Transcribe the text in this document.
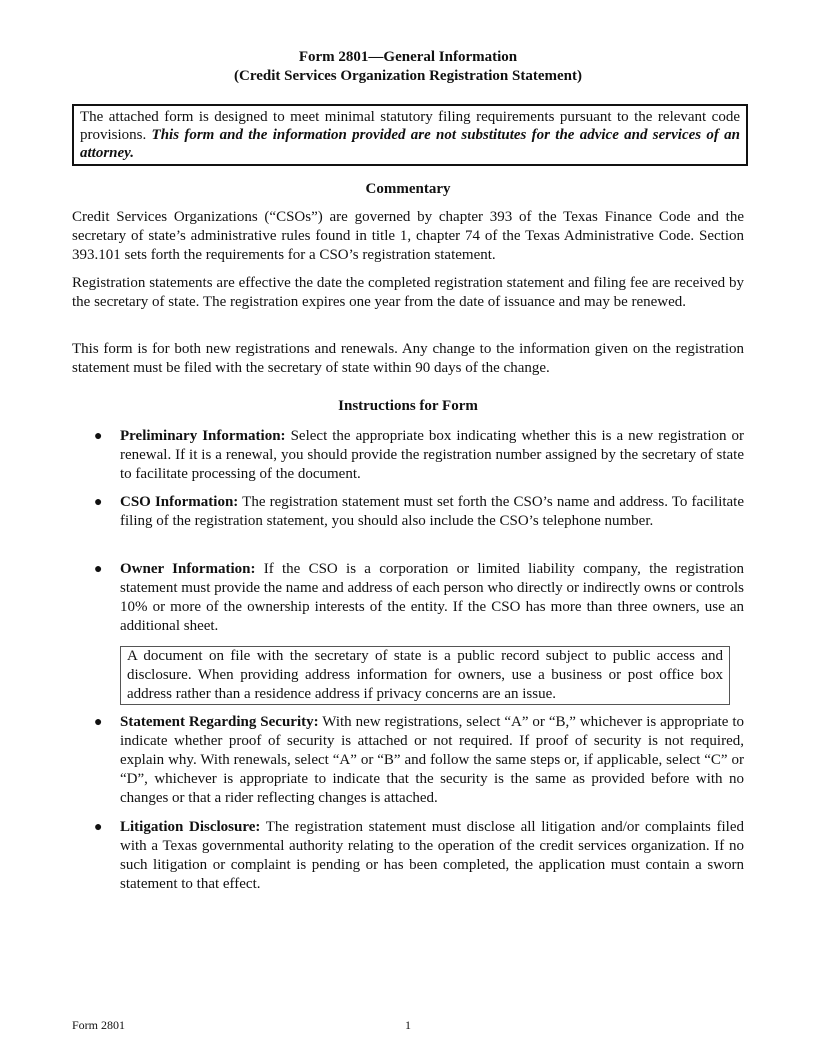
Form 2801—General Information
(Credit Services Organization Registration Statement)
The attached form is designed to meet minimal statutory filing requirements pursuant to the relevant code provisions. This form and the information provided are not substitutes for the advice and services of an attorney.
Commentary
Credit Services Organizations (“CSOs”) are governed by chapter 393 of the Texas Finance Code and the secretary of state’s administrative rules found in title 1, chapter 74 of the Texas Administrative Code. Section 393.101 sets forth the requirements for a CSO’s registration statement.
Registration statements are effective the date the completed registration statement and filing fee are received by the secretary of state. The registration expires one year from the date of issuance and may be renewed.
This form is for both new registrations and renewals. Any change to the information given on the registration statement must be filed with the secretary of state within 90 days of the change.
Instructions for Form
● Preliminary Information: Select the appropriate box indicating whether this is a new registration or renewal. If it is a renewal, you should provide the registration number assigned by the secretary of state to facilitate processing of the document.
● CSO Information: The registration statement must set forth the CSO’s name and address. To facilitate filing of the registration statement, you should also include the CSO’s telephone number.
● Owner Information: If the CSO is a corporation or limited liability company, the registration statement must provide the name and address of each person who directly or indirectly owns or controls 10% or more of the ownership interests of the entity. If the CSO has more than three owners, use an additional sheet.
A document on file with the secretary of state is a public record subject to public access and disclosure. When providing address information for owners, use a business or post office box address rather than a residence address if privacy concerns are an issue.
● Statement Regarding Security: With new registrations, select “A” or “B,” whichever is appropriate to indicate whether proof of security is attached or not required. If proof of security is not required, explain why. With renewals, select “A” or “B” and follow the same steps or, if applicable, select “C” or “D”, whichever is appropriate to indicate that the security is the same as provided before with no changes or that a rider reflecting changes is attached.
● Litigation Disclosure: The registration statement must disclose all litigation and/or complaints filed with a Texas governmental authority relating to the operation of the credit services organization. If no such litigation or complaint is pending or has been completed, the application must contain a sworn statement to that effect.
Form 2801	1
